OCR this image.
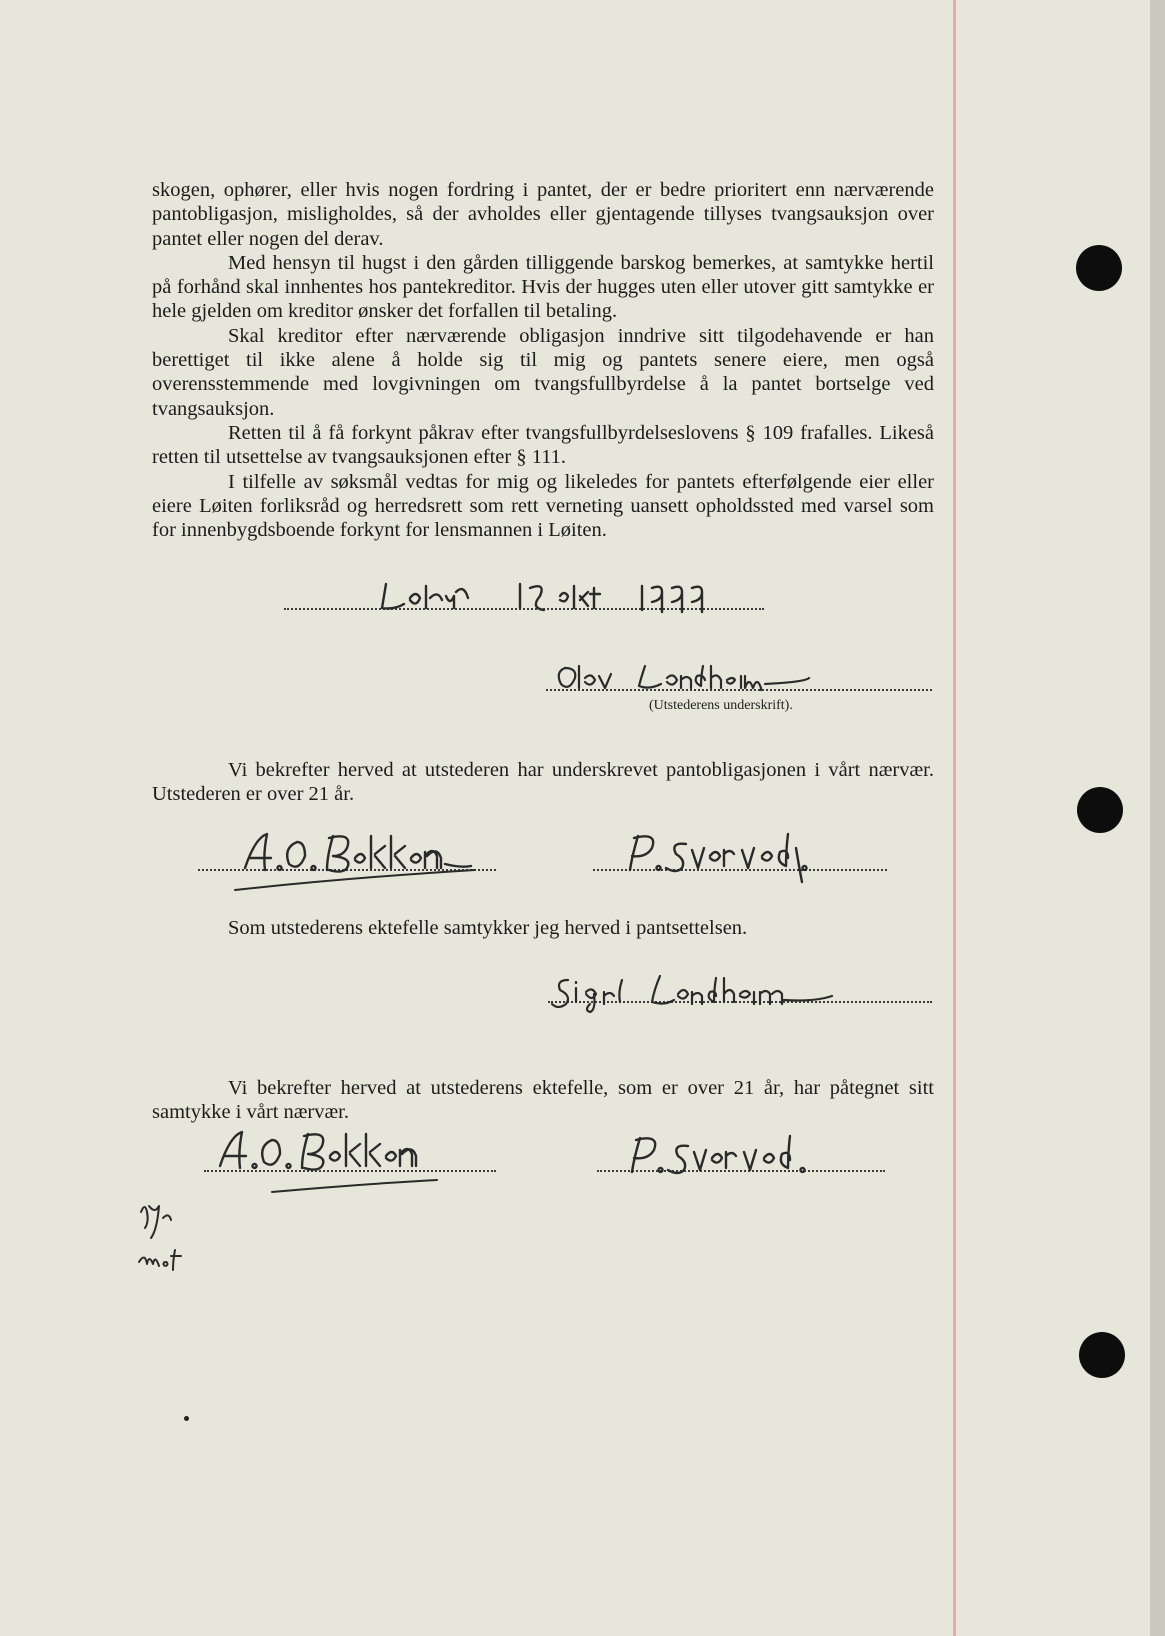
skogen, ophører, eller hvis nogen fordring i pantet, der er bedre prioritert enn nærværende pantobligasjon, misligholdes, så der avholdes eller gjentagende tillyses tvangsauksjon over pantet eller nogen del derav.

Med hensyn til hugst i den gården tilliggende barskog bemerkes, at samtykke hertil på forhånd skal innhentes hos pantekreditor. Hvis der hugges uten eller utover gitt samtykke er hele gjelden om kreditor ønsker det forfallen til betaling.

Skal kreditor efter nærværende obligasjon inndrive sitt tilgodehavende er han berettiget til ikke alene å holde sig til mig og pantets senere eiere, men også overensstemmende med lovgivningen om tvangsfullbyrdelse å la pantet bortselge ved tvangsauksjon.

Retten til å få forkynt påkrav efter tvangsfullbyrdelseslovens § 109 frafalles. Likeså retten til utsettelse av tvangsauksjonen efter § 111.

I tilfelle av søksmål vedtas for mig og likeledes for pantets efterfølgende eier eller eiere Løiten forliksråd og herredsrett som rett verneting uansett opholdssted med varsel som for innenbygdsboende forkynt for lensmannen i Løiten.

(Utstederens underskrift).

Vi bekrefter herved at utstederen har underskrevet pantobligasjonen i vårt nærvær. Utstederen er over 21 år.

Som utstederens ektefelle samtykker jeg herved i pantsettelsen.

Vi bekrefter herved at utstederens ektefelle, som er over 21 år, har påtegnet sitt samtykke i vårt nærvær.
